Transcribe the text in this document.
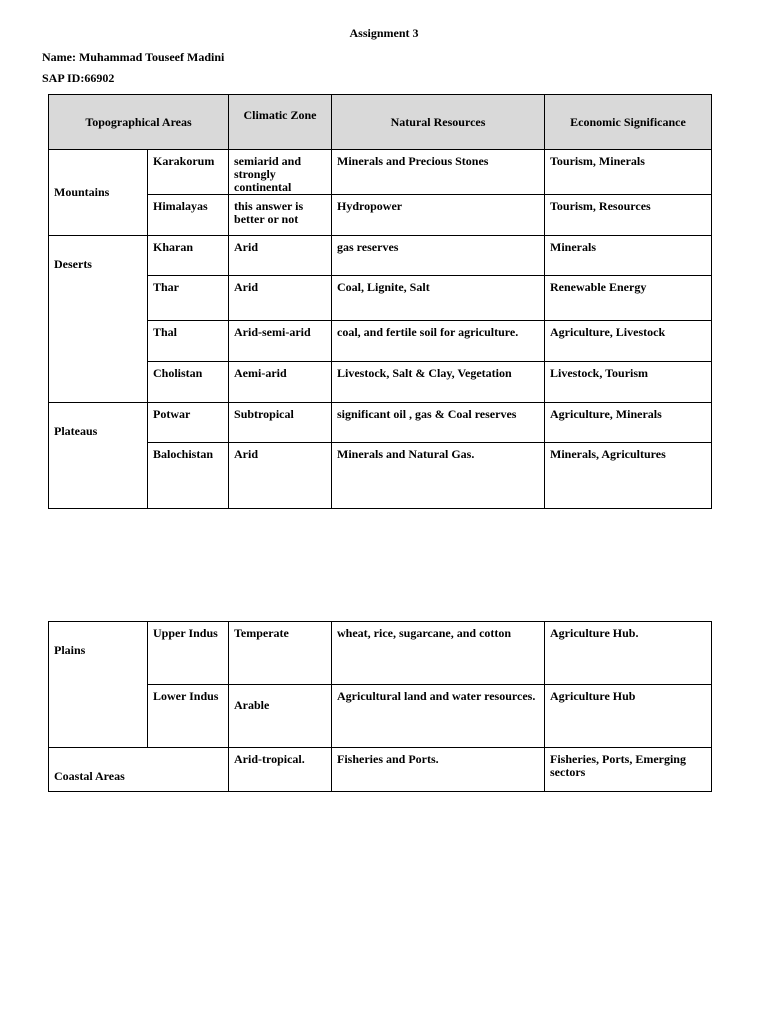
Assignment 3
Name: Muhammad Touseef Madini
SAP ID:66902
Topographical Areas		Climatic Zone	Natural Resources	Economic Significance
Mountains	Karakorum	semiarid and strongly continental	Minerals and Precious Stones	Tourism, Minerals
	Himalayas	this answer is better or not	Hydropower	Tourism, Resources
Deserts	Kharan	Arid	gas reserves	Minerals
	Thar	Arid	Coal, Lignite, Salt	Renewable Energy
	Thal	Arid-semi-arid	coal, and fertile soil for agriculture.	Agriculture, Livestock
	Cholistan	Aemi-arid	Livestock, Salt & Clay, Vegetation	Livestock, Tourism
Plateaus	Potwar	Subtropical	significant oil , gas & Coal reserves	Agriculture, Minerals
	Balochistan	Arid	Minerals and Natural Gas.	Minerals, Agricultures
Plains	Upper Indus	Temperate	wheat, rice, sugarcane, and cotton	Agriculture Hub.
	Lower Indus	Arable	Agricultural land and water resources.	Agriculture Hub
Coastal Areas		Arid-tropical.	Fisheries and Ports.	Fisheries, Ports, Emerging sectors
